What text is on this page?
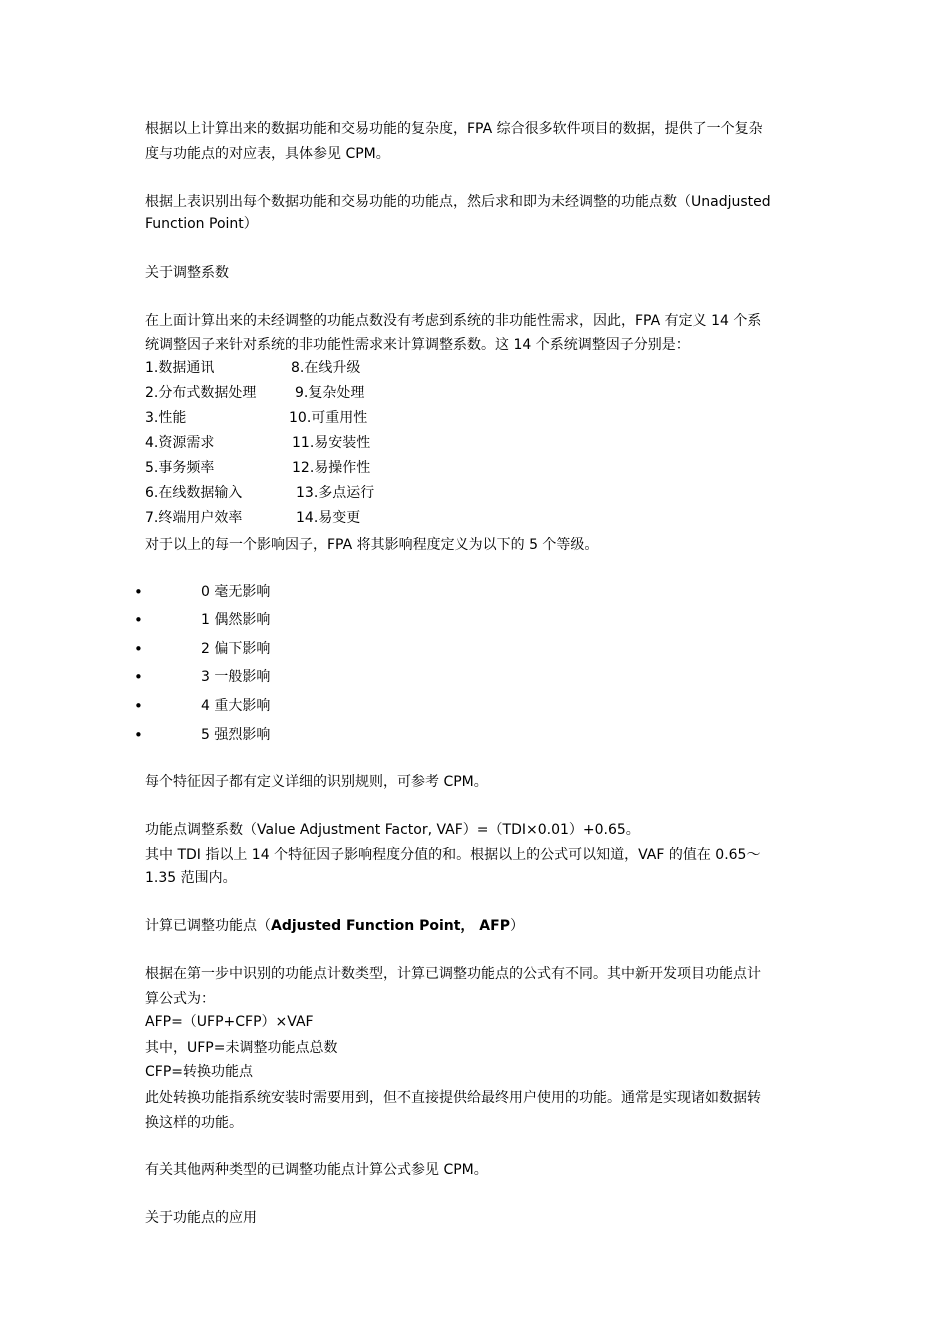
根据以上计算出来的数据功能和交易功能的复杂度，FPA 综合很多软件项目的数据，提供了一个复杂
度与功能点的对应表，具体参见 CPM。
根据上表识别出每个数据功能和交易功能的功能点，然后求和即为未经调整的功能点数（Unadjusted
Function Point）
关于调整系数
在上面计算出来的未经调整的功能点数没有考虑到系统的非功能性需求，因此，FPA 有定义 14 个系
统调整因子来针对系统的非功能性需求来计算调整系数。这 14 个系统调整因子分别是：
1.数据通讯	8.在线升级
2.分布式数据处理	9.复杂处理
3.性能	10.可重用性
4.资源需求	11.易安装性
5.事务频率	12.易操作性
6.在线数据输入	13.多点运行
7.终端用户效率	14.易变更
对于以上的每一个影响因子，FPA 将其影响程度定义为以下的 5 个等级。
•	0 毫无影响
•	1 偶然影响
•	2 偏下影响
•	3 一般影响
•	4 重大影响
•	5 强烈影响
每个特征因子都有定义详细的识别规则，可参考 CPM。
功能点调整系数（Value Adjustment Factor, VAF）=（TDI×0.01）+0.65。
其中 TDI 指以上 14 个特征因子影响程度分值的和。根据以上的公式可以知道，VAF 的值在 0.65～
1.35 范围内。
计算已调整功能点（Adjusted Function Point， AFP）
根据在第一步中识别的功能点计数类型，计算已调整功能点的公式有不同。其中新开发项目功能点计
算公式为：
AFP=（UFP+CFP）×VAF
其中，UFP=未调整功能点总数
CFP=转换功能点
此处转换功能指系统安装时需要用到，但不直接提供给最终用户使用的功能。通常是实现诸如数据转
换这样的功能。
有关其他两种类型的已调整功能点计算公式参见 CPM。
关于功能点的应用
